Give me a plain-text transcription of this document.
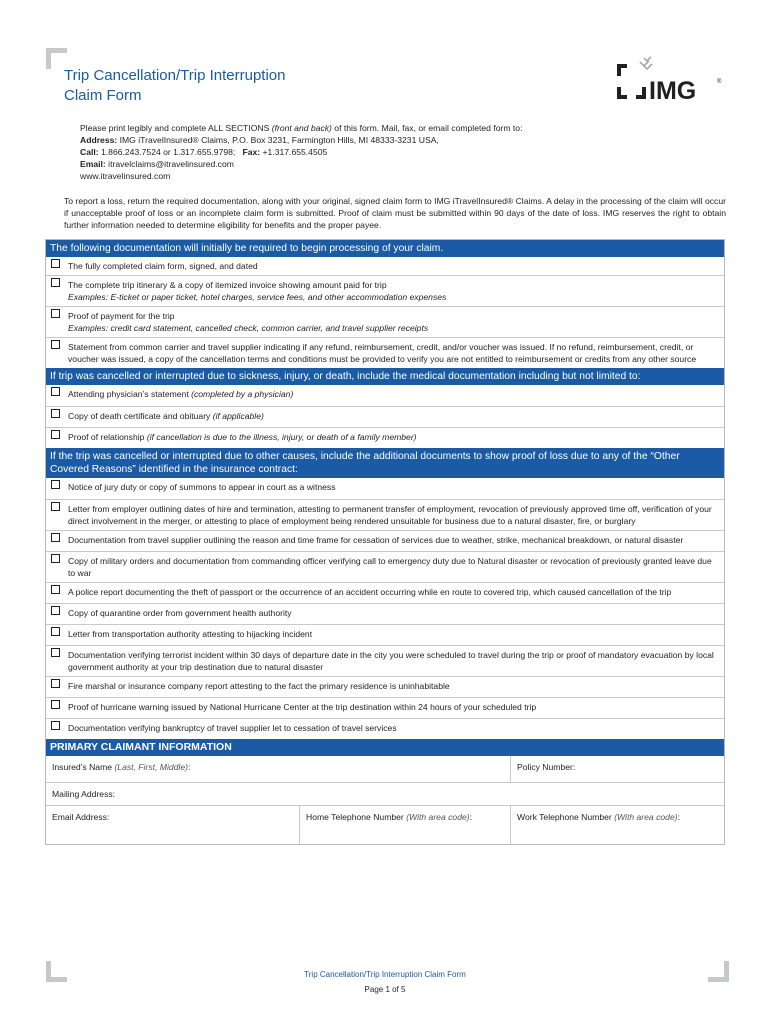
Trip Cancellation/Trip Interruption
Claim Form	IMG	®
Please print legibly and complete ALL SECTIONS (front and back) of this form. Mail, fax, or email completed form to:
Address: IMG iTravelInsured® Claims, P.O. Box 3231, Farmington Hills, MI 48333-3231 USA,
Call: 1.866.243.7524 or 1.317.655.9798; Fax: +1.317.655.4505
Email: itravelclaims@itravelinsured.com
www.itravelinsured.com
To report a loss, return the required documentation, along with your original, signed claim form to IMG iTravelInsured® Claims. A delay in the processing of the claim will occur if unacceptable proof of loss or an incomplete claim form is submitted. Proof of claim must be submitted within 90 days of the date of loss. IMG reserves the right to obtain further information needed to determine eligibility for benefits and the proper payee.
The following documentation will initially be required to begin processing of your claim.
The fully completed claim form, signed, and dated
The complete trip itinerary & a copy of itemized invoice showing amount paid for trip
Examples: E-ticket or paper ticket, hotel charges, service fees, and other accommodation expenses
Proof of payment for the trip
Examples: credit card statement, cancelled check, common carrier, and travel supplier receipts
Statement from common carrier and travel supplier indicating if any refund, reimbursement, credit, and/or voucher was issued. If no refund, reimbursement, credit, or voucher was issued, a copy of the cancellation terms and conditions must be provided to verify you are not entitled to reimbursement or credits from any other source
If trip was cancelled or interrupted due to sickness, injury, or death, include the medical documentation including but not limited to:
Attending physician’s statement (completed by a physician)
Copy of death certificate and obituary (if applicable)
Proof of relationship (if cancellation is due to the illness, injury, or death of a family member)
If the trip was cancelled or interrupted due to other causes, include the additional documents to show proof of loss due to any of the “Other Covered Reasons” identified in the insurance contract:
Notice of jury duty or copy of summons to appear in court as a witness
Letter from employer outlining dates of hire and termination, attesting to permanent transfer of employment, revocation of previously approved time off, verification of your direct involvement in the merger, or attesting to place of employment being rendered unsuitable for business due to a natural disaster, fire, or burglary
Documentation from travel supplier outlining the reason and time frame for cessation of services due to weather, strike, mechanical breakdown, or natural disaster
Copy of military orders and documentation from commanding officer verifying call to emergency duty due to Natural disaster or revocation of previously granted leave due to war
A police report documenting the theft of passport or the occurrence of an accident occurring while en route to covered trip, which caused cancellation of the trip
Copy of quarantine order from government health authority
Letter from transportation authority attesting to hijacking incident
Documentation verifying terrorist incident within 30 days of departure date in the city you were scheduled to travel during the trip or proof of mandatory evacuation by local government authority at your trip destination due to natural disaster
Fire marshal or insurance company report attesting to the fact the primary residence is uninhabitable
Proof of hurricane warning issued by National Hurricane Center at the trip destination within 24 hours of your scheduled trip
Documentation verifying bankruptcy of travel supplier let to cessation of travel services
PRIMARY CLAIMANT INFORMATION
Insured’s Name (Last, First, Middle):	Policy Number:
Mailing Address:
Email Address:	Home Telephone Number (With area code):	Work Telephone Number (With area code):
Trip Cancellation/Trip Interruption Claim Form
Page 1 of 5
